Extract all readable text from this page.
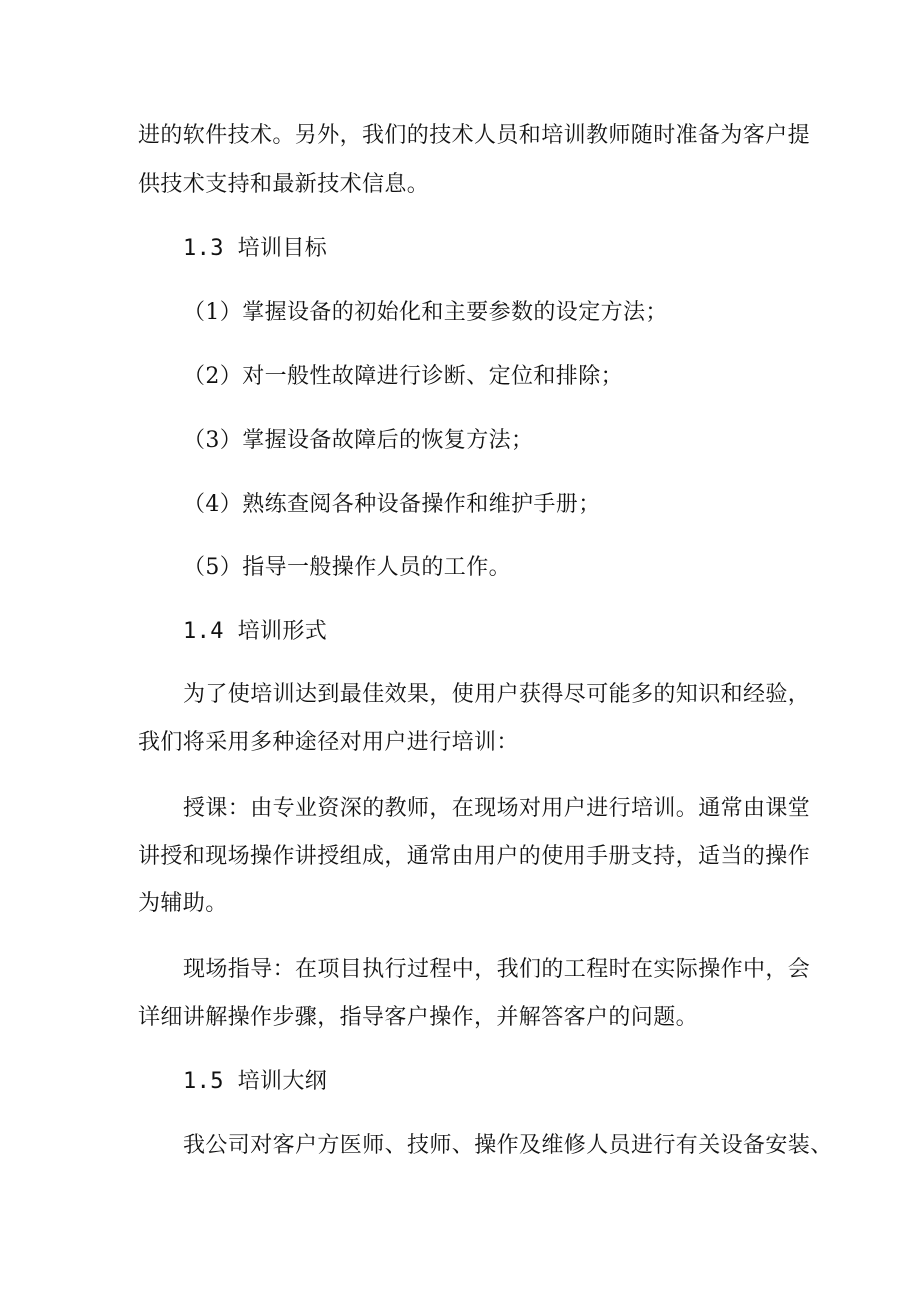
进的软件技术。另外，我们的技术人员和培训教师随时准备为客户提
供技术支持和最新技术信息。
1.3 培训目标
（1）掌握设备的初始化和主要参数的设定方法；
（2）对一般性故障进行诊断、定位和排除；
（3）掌握设备故障后的恢复方法；
（4）熟练查阅各种设备操作和维护手册；
（5）指导一般操作人员的工作。
1.4 培训形式
为了使培训达到最佳效果，使用户获得尽可能多的知识和经验，
我们将采用多种途径对用户进行培训：
授课：由专业资深的教师，在现场对用户进行培训。通常由课堂
讲授和现场操作讲授组成，通常由用户的使用手册支持，适当的操作
为辅助。
现场指导：在项目执行过程中，我们的工程时在实际操作中，会
详细讲解操作步骤，指导客户操作，并解答客户的问题。
1.5 培训大纲
我公司对客户方医师、技师、操作及维修人员进行有关设备安装、
